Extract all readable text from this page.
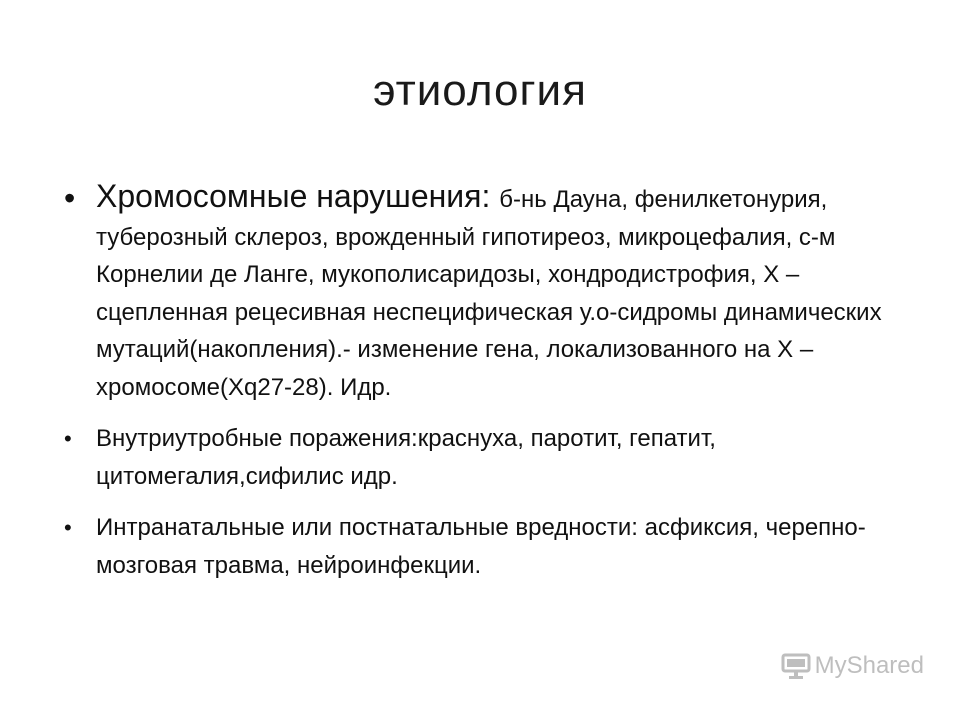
этиология
• Хромосомные нарушения: б-нь Дауна, фенилкетонурия, туберозный склероз, врожденный гипотиреоз, микроцефалия, с-м Корнелии де Ланге, мукополисаридозы, хондродистрофия, X –сцепленная рецесивная неспецифическая у.о-сидромы динамических мутаций(накопления).- изменение гена, локализованного на X –хромосоме(Xq27-28). Идр.
• Внутриутробные поражения:краснуха, паротит, гепатит, цитомегалия,сифилис идр.
• Интранатальные или постнатальные вредности: асфиксия, черепно-мозговая травма, нейроинфекции.
MyShared
